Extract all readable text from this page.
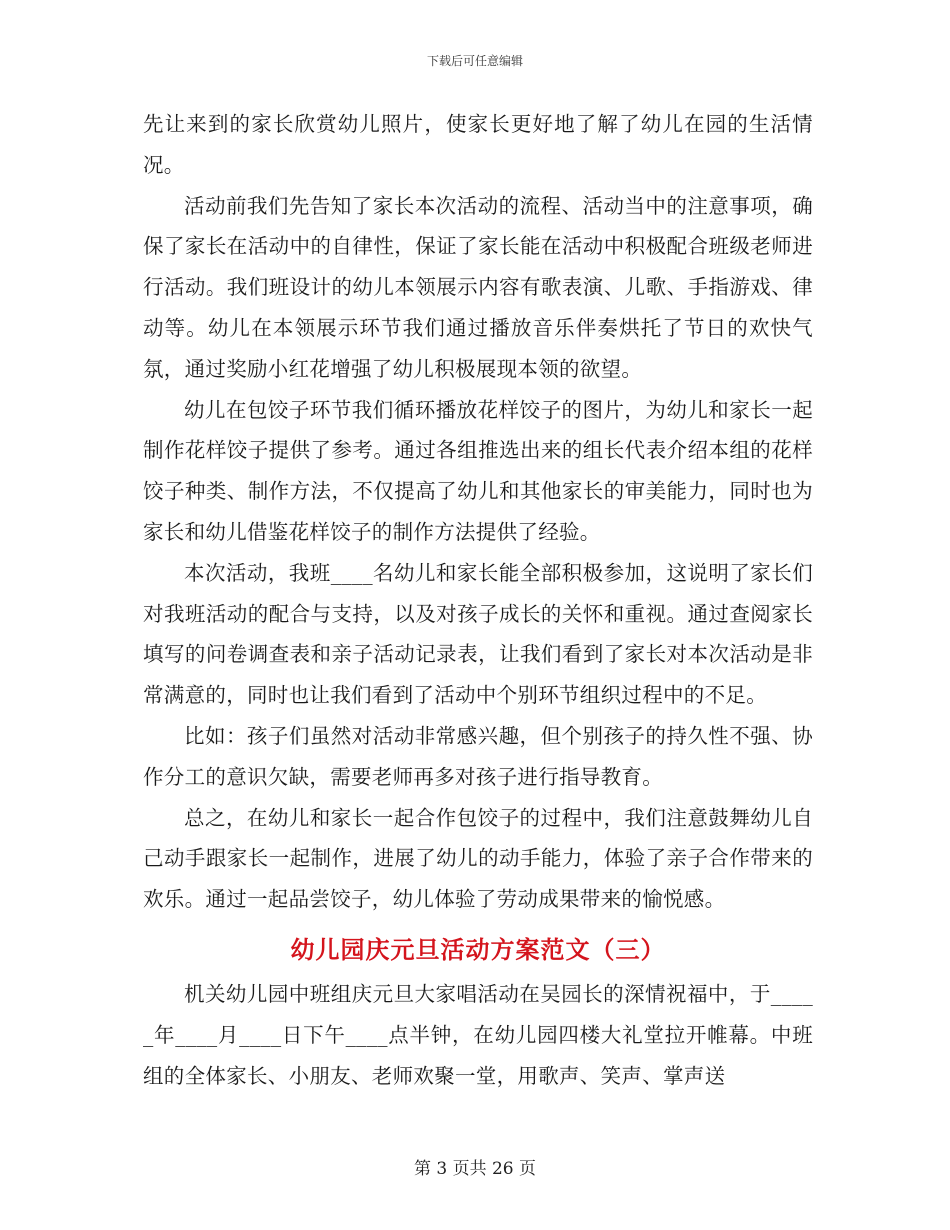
下载后可任意编辑

先让来到的家长欣赏幼儿照片，使家长更好地了解了幼儿在园的生活情况。

活动前我们先告知了家长本次活动的流程、活动当中的注意事项，确保了家长在活动中的自律性，保证了家长能在活动中积极配合班级老师进行活动。我们班设计的幼儿本领展示内容有歌表演、儿歌、手指游戏、律动等。幼儿在本领展示环节我们通过播放音乐伴奏烘托了节日的欢快气氛，通过奖励小红花增强了幼儿积极展现本领的欲望。

幼儿在包饺子环节我们循环播放花样饺子的图片，为幼儿和家长一起制作花样饺子提供了参考。通过各组推选出来的组长代表介绍本组的花样饺子种类、制作方法，不仅提高了幼儿和其他家长的审美能力，同时也为家长和幼儿借鉴花样饺子的制作方法提供了经验。

本次活动，我班____名幼儿和家长能全部积极参加，这说明了家长们对我班活动的配合与支持，以及对孩子成长的关怀和重视。通过查阅家长填写的问卷调查表和亲子活动记录表，让我们看到了家长对本次活动是非常满意的，同时也让我们看到了活动中个别环节组织过程中的不足。

比如：孩子们虽然对活动非常感兴趣，但个别孩子的持久性不强、协作分工的意识欠缺，需要老师再多对孩子进行指导教育。

总之，在幼儿和家长一起合作包饺子的过程中，我们注意鼓舞幼儿自己动手跟家长一起制作，进展了幼儿的动手能力，体验了亲子合作带来的欢乐。通过一起品尝饺子，幼儿体验了劳动成果带来的愉悦感。

幼儿园庆元旦活动方案范文（三）

机关幼儿园中班组庆元旦大家唱活动在吴园长的深情祝福中，于_____年____月____日下午____点半钟，在幼儿园四楼大礼堂拉开帷幕。中班组的全体家长、小朋友、老师欢聚一堂，用歌声、笑声、掌声送

第 3 页共 26 页
